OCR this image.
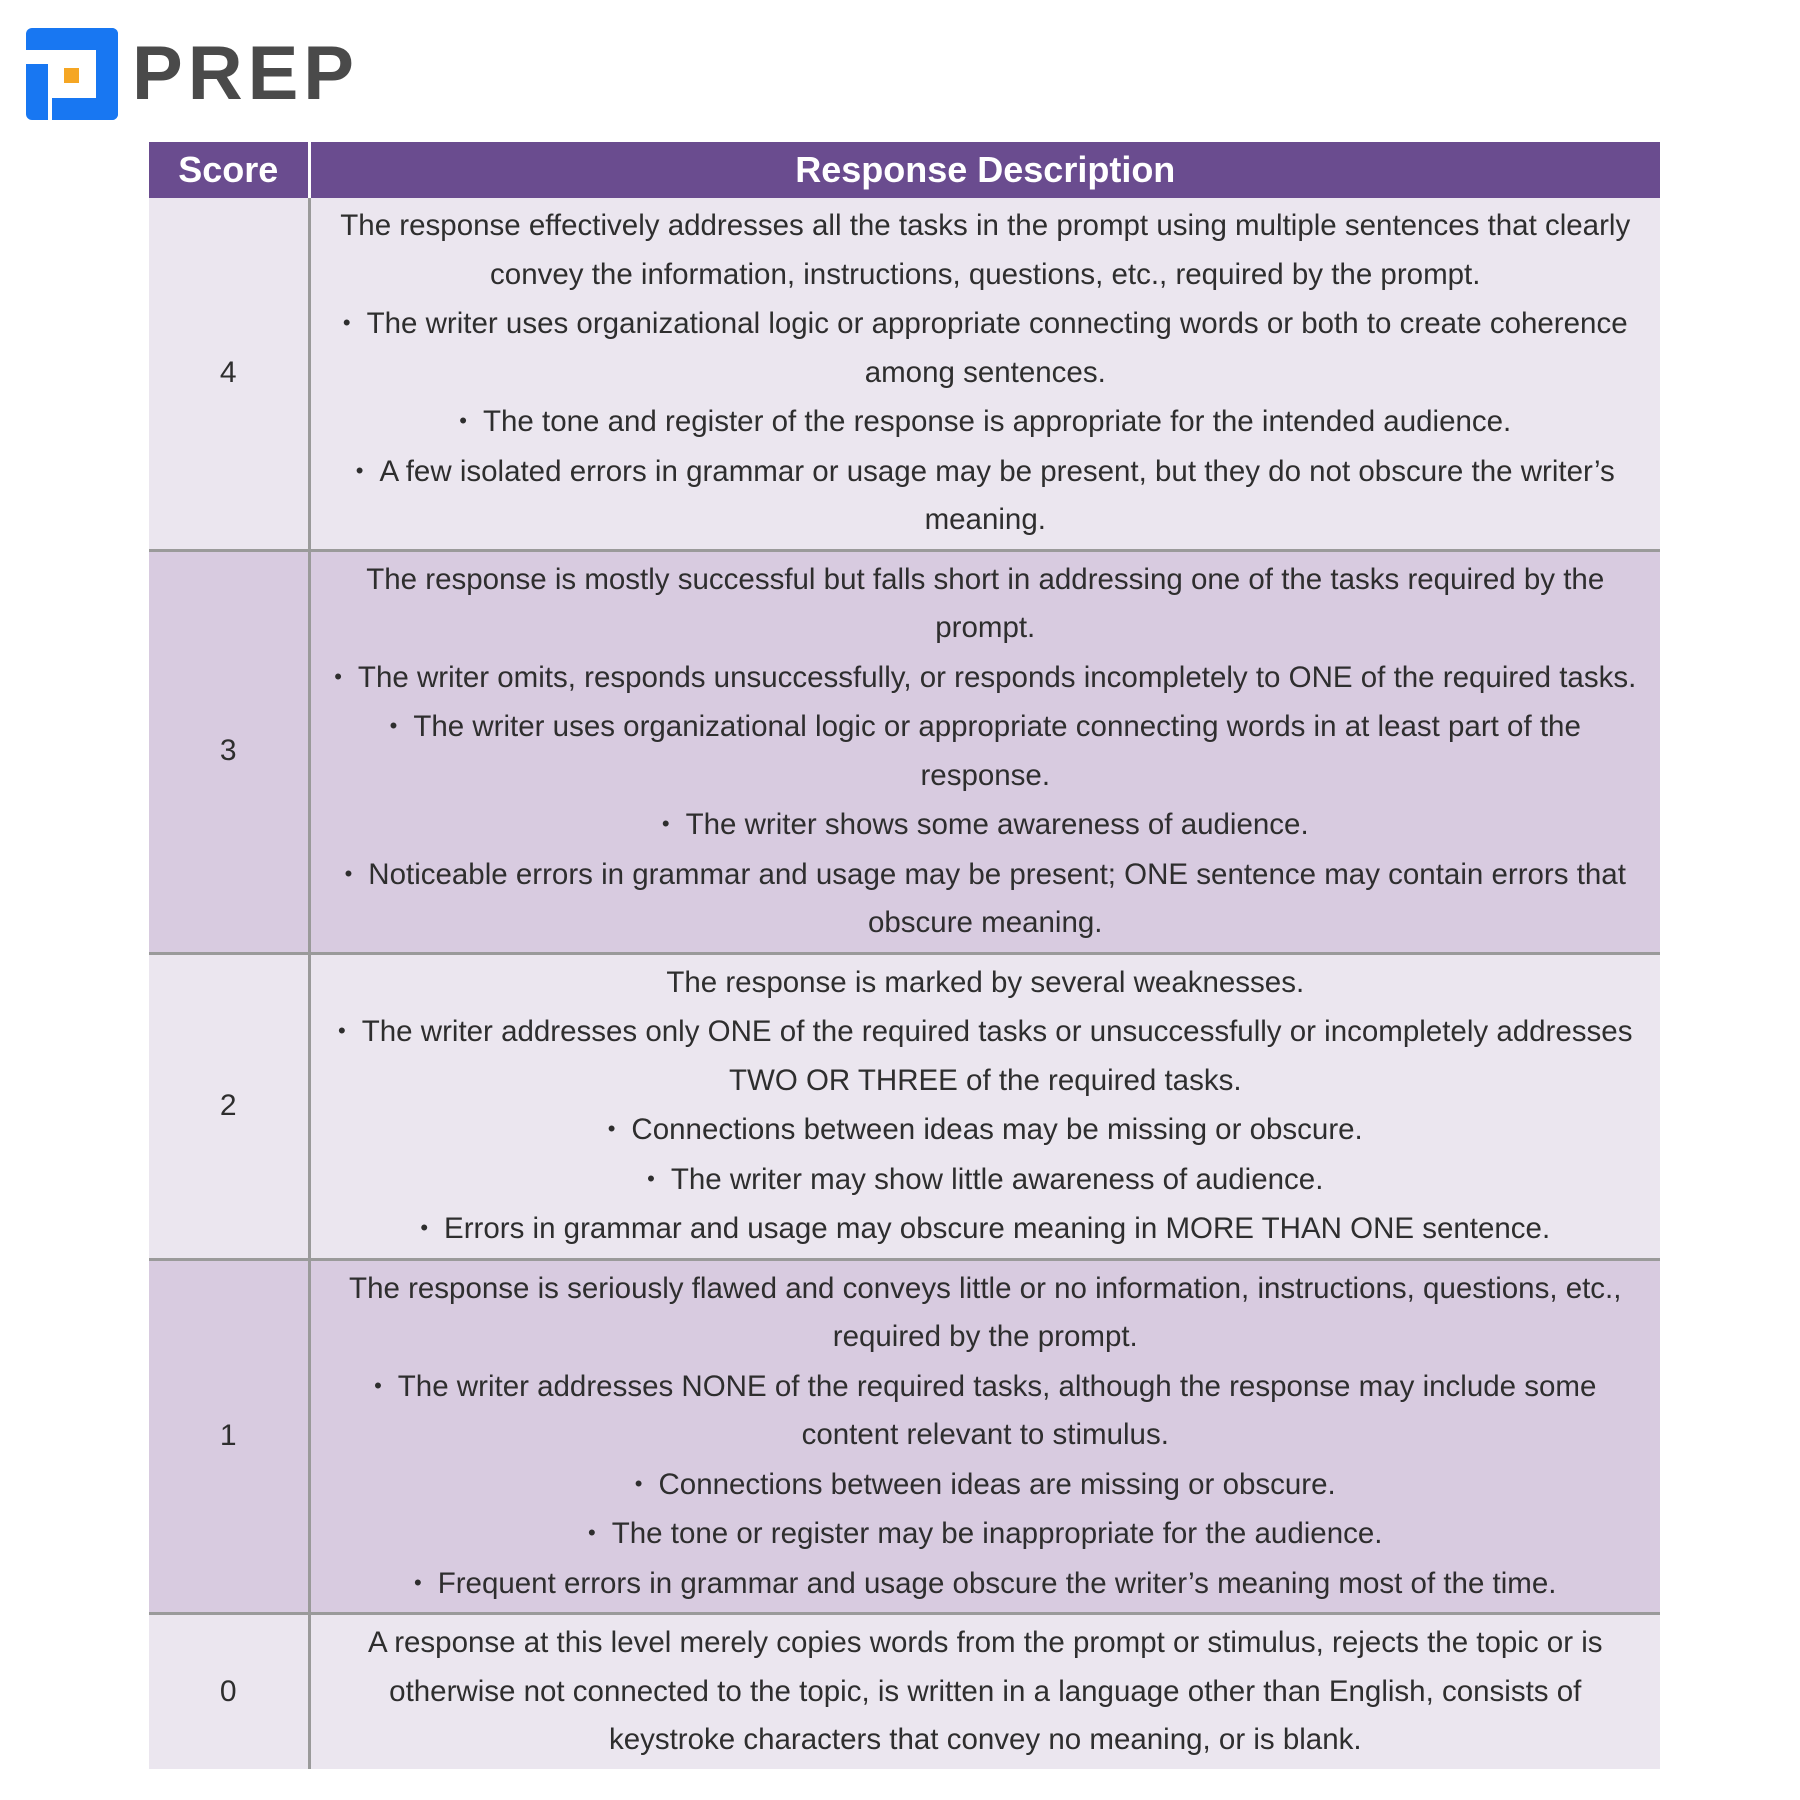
PREP
Score	Response Description
4	The response effectively addresses all the tasks in the prompt using multiple sentences that clearly convey the information, instructions, questions, etc., required by the prompt.
• The writer uses organizational logic or appropriate connecting words or both to create coherence among sentences.
• The tone and register of the response is appropriate for the intended audience.
• A few isolated errors in grammar or usage may be present, but they do not obscure the writer’s meaning.

3	The response is mostly successful but falls short in addressing one of the tasks required by the prompt.
• The writer omits, responds unsuccessfully, or responds incompletely to ONE of the required tasks.
• The writer uses organizational logic or appropriate connecting words in at least part of the response.
• The writer shows some awareness of audience.
• Noticeable errors in grammar and usage may be present; ONE sentence may contain errors that obscure meaning.

2	The response is marked by several weaknesses.
• The writer addresses only ONE of the required tasks or unsuccessfully or incompletely addresses TWO OR THREE of the required tasks.
• Connections between ideas may be missing or obscure.
• The writer may show little awareness of audience.
• Errors in grammar and usage may obscure meaning in MORE THAN ONE sentence.

1	The response is seriously flawed and conveys little or no information, instructions, questions, etc., required by the prompt.
• The writer addresses NONE of the required tasks, although the response may include some content relevant to stimulus.
• Connections between ideas are missing or obscure.
• The tone or register may be inappropriate for the audience.
• Frequent errors in grammar and usage obscure the writer’s meaning most of the time.

0	A response at this level merely copies words from the prompt or stimulus, rejects the topic or is otherwise not connected to the topic, is written in a language other than English, consists of keystroke characters that convey no meaning, or is blank.
